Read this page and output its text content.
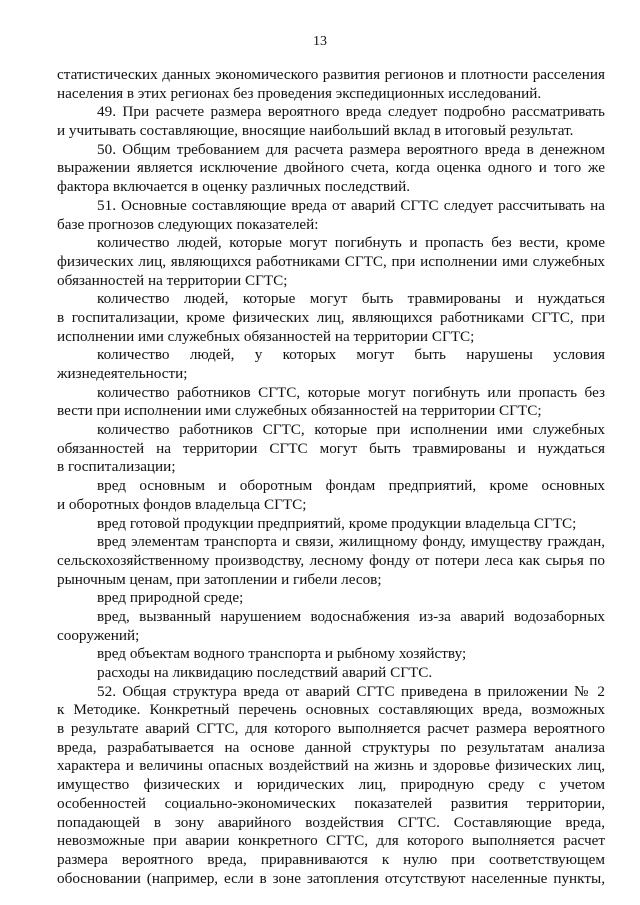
13
статистических данных экономического развития регионов и плотности расселения
населения в этих регионах без проведения экспедиционных исследований.
49. При расчете размера вероятного вреда следует подробно рассматривать
и учитывать составляющие, вносящие наибольший вклад в итоговый результат.
50. Общим требованием для расчета размера вероятного вреда в денежном
выражении является исключение двойного счета, когда оценка одного и того же
фактора включается в оценку различных последствий.
51. Основные составляющие вреда от аварий СГТС следует рассчитывать на
базе прогнозов следующих показателей:
количество людей, которые могут погибнуть и пропасть без вести, кроме
физических лиц, являющихся работниками СГТС, при исполнении ими служебных
обязанностей на территории СГТС;
количество людей, которые могут быть травмированы и нуждаться
в госпитализации, кроме физических лиц, являющихся работниками СГТС, при
исполнении ими служебных обязанностей на территории СГТС;
количество людей, у которых могут быть нарушены условия
жизнедеятельности;
количество работников СГТС, которые могут погибнуть или пропасть без
вести при исполнении ими служебных обязанностей на территории СГТС;
количество работников СГТС, которые при исполнении ими служебных
обязанностей на территории СГТС могут быть травмированы и нуждаться
в госпитализации;
вред основным и оборотным фондам предприятий, кроме основных
и оборотных фондов владельца СГТС;
вред готовой продукции предприятий, кроме продукции владельца СГТС;
вред элементам транспорта и связи, жилищному фонду, имуществу граждан,
сельскохозяйственному производству, лесному фонду от потери леса как сырья по
рыночным ценам, при затоплении и гибели лесов;
вред природной среде;
вред, вызванный нарушением водоснабжения из-за аварий водозаборных
сооружений;
вред объектам водного транспорта и рыбному хозяйству;
расходы на ликвидацию последствий аварий СГТС.
52. Общая структура вреда от аварий СГТС приведена в приложении № 2
к Методике. Конкретный перечень основных составляющих вреда, возможных
в результате аварий СГТС, для которого выполняется расчет размера вероятного
вреда, разрабатывается на основе данной структуры по результатам анализа
характера и величины опасных воздействий на жизнь и здоровье физических лиц,
имущество физических и юридических лиц, природную среду с учетом
особенностей социально-экономических показателей развития территории,
попадающей в зону аварийного воздействия СГТС. Составляющие вреда,
невозможные при аварии конкретного СГТС, для которого выполняется расчет
размера вероятного вреда, приравниваются к нулю при соответствующем
обосновании (например, если в зоне затопления отсутствуют населенные пункты,
